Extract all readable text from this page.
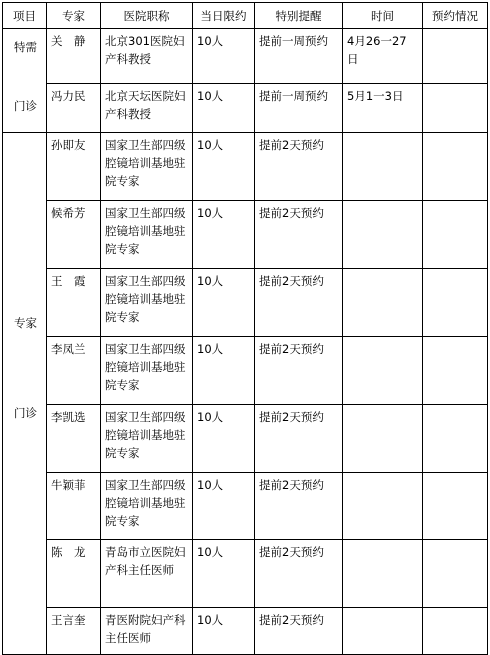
项目	专家	医院职称	当日限约	特别提醒	时间	预约情况

特需
门诊	关　静	北京301医院妇产科教授	10人	提前一周预约	4月26一27日	
	冯力民	北京天坛医院妇产科教授	10人	提前一周预约	5月1一3日	

专家
门诊	孙即友	国家卫生部四级腔镜培训基地驻院专家	10人	提前2天预约		
	候希芳	国家卫生部四级腔镜培训基地驻院专家	10人	提前2天预约		
	王　霞	国家卫生部四级腔镜培训基地驻院专家	10人	提前2天预约		
	李凤兰	国家卫生部四级腔镜培训基地驻院专家	10人	提前2天预约		
	李凯选	国家卫生部四级腔镜培训基地驻院专家	10人	提前2天预约		
	牛颖菲	国家卫生部四级腔镜培训基地驻院专家	10人	提前2天预约		
	陈　龙	青岛市立医院妇产科主任医师	10人	提前2天预约		
	王言奎	青医附院妇产科主任医师	10人	提前2天预约		
